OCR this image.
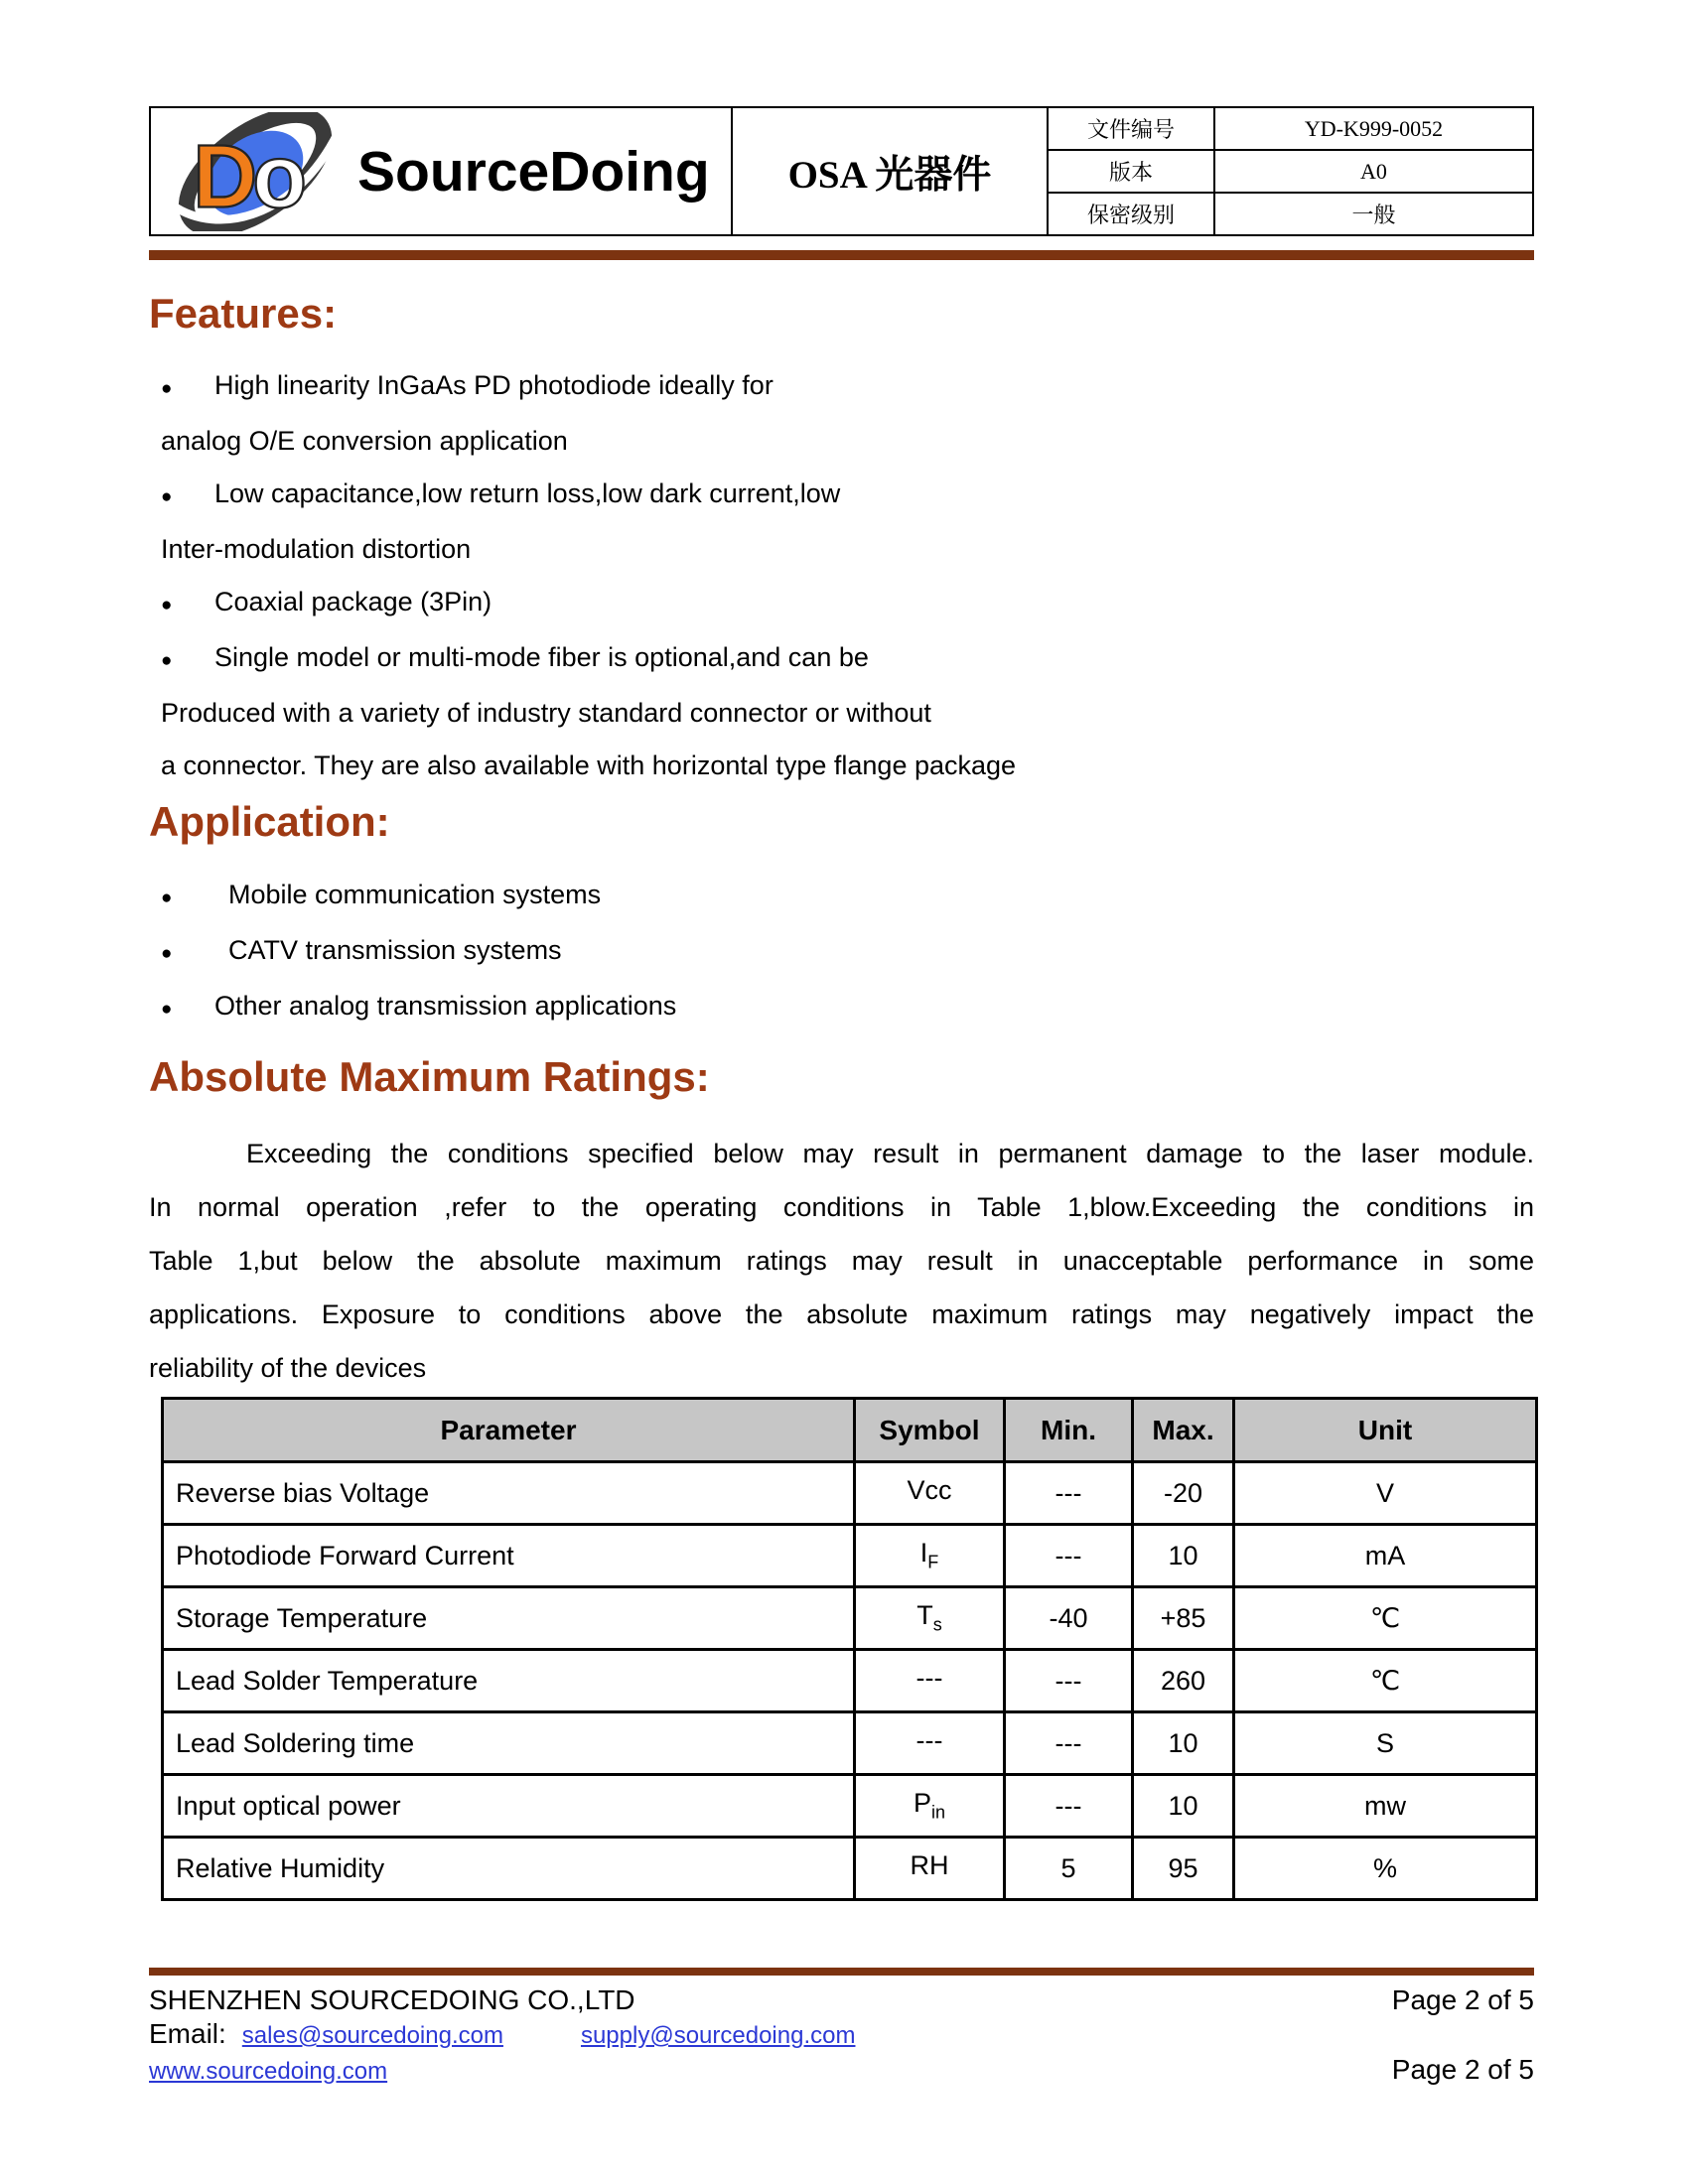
D
o SourceDoing	OSA 光器件
文件编号	YD-K999-0052
版本	A0
保密级别	一般
Features:
●	High linearity InGaAs PD photodiode ideally for
analog O/E conversion application
●	Low capacitance,low return loss,low dark current,low
Inter-modulation distortion
●	Coaxial package (3Pin)
●	Single model or multi-mode fiber is optional,and can be
Produced with a variety of industry standard connector or without
a connector. They are also available with horizontal type flange package
Application:
●	Mobile communication systems
●	CATV transmission systems
●	Other analog transmission applications
Absolute Maximum Ratings:
Exceeding the conditions specified below may result in permanent damage to the laser module.
In normal operation ,refer to the operating conditions in Table 1,blow.Exceeding the conditions in
Table 1,but below the absolute maximum ratings may result in unacceptable performance in some
applications. Exposure to conditions above the absolute maximum ratings may negatively impact the
reliability of the devices
Parameter	Symbol	Min.	Max.	Unit
Reverse bias Voltage	Vcc	---	-20	V
Photodiode Forward Current	$I_F$	---	10	mA
Storage Temperature	$T_s$	-40	+85	℃
Lead Solder Temperature	---	---	260	℃
Lead Soldering time	---	---	10	S
Input optical power	$P_{in}$	---	10	mw
Relative Humidity	RH	5	95	%
SHENZHEN SOURCEDOING CO.,LTD	Page 2 of 5
Email: sales@sourcedoing.com	supply@sourcedoing.com
www.sourcedoing.com	Page 2 of 5
